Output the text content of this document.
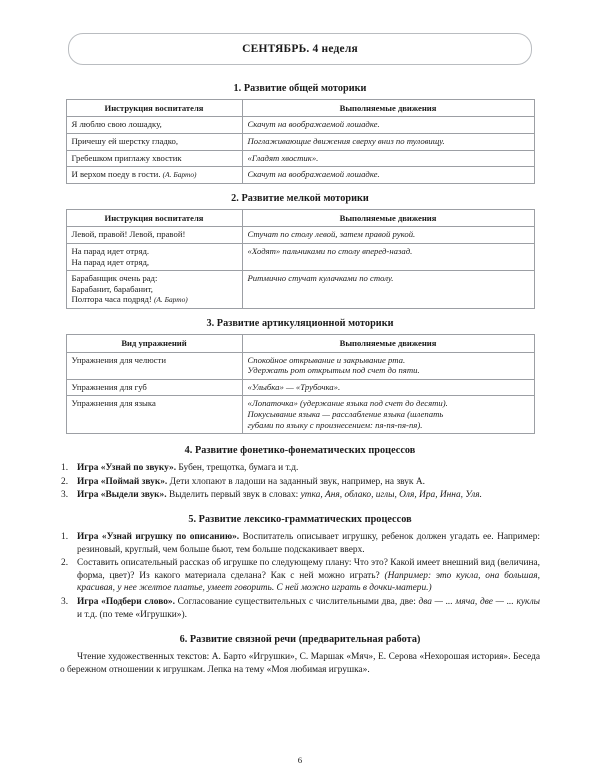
СЕНТЯБРЬ. 4 неделя
1. Развитие общей моторики
Инструкция воспитателя	Выполняемые движения
Я люблю свою лошадку,	Скачут на воображаемой лошадке.
Причешу ей шерстку гладко,	Поглаживающие движения сверху вниз по туловищу.
Гребешком приглажу хвостик	«Гладят хвостик».
И верхом поеду в гости. (А. Барто)	Скачут на воображаемой лошадке.
2. Развитие мелкой моторики
Инструкция воспитателя	Выполняемые движения

Левой, правой! Левой, правой!	Стучат по столу левой, затем правой рукой.

На парад идет отряд.
На парад идет отряд,	«Ходят» пальчиками по столу вперед-назад.

Барабанщик очень рад:
Барабанит, барабанит,
Полтора часа подряд! (А. Барто)	Ритмично стучат кулачками по столу.
3. Развитие артикуляционной моторики
Вид упражнений	Выполняемые движения
Упражнения для челюсти	Спокойное открывание и закрывание рта.
Удержать рот открытым под счет до пяти.

Упражнения для губ	«Улыбка» — «Трубочка».

Упражнения для языка	«Лопаточка» (удержание языка под счет до десяти).
Покусывание языка — расслабление языка (шлепать
губами по языку с произнесением: пя-пя-пя-пя).
4. Развитие фонетико-фонематических процессов
1. Игра «Узнай по звуку». Бубен, трещотка, бумага и т.д.
2. Игра «Поймай звук». Дети хлопают в ладоши на заданный звук, например, на звук А.
3. Игра «Выдели звук». Выделить первый звук в словах: утка, Аня, облако, иглы, Оля, Ира, Инна, Уля.
5. Развитие лексико-грамматических процессов
1. Игра «Узнай игрушку по описанию». Воспитатель описывает игрушку, ребенок должен угадать ее. Например: резиновый, круглый, чем больше бьют, тем больше подскакивает вверх.
2. Составить описательный рассказ об игрушке по следующему плану: Что это? Какой имеет внешний вид (величина, форма, цвет)? Из какого материала сделана? Как с ней можно играть? (Например: это кукла, она большая, красивая, у нее желтое платье, умеет говорить. С ней можно играть в дочки-матери.)
3. Игра «Подбери слово». Согласование существительных с числительными два, две: два — ... мяча, две — ... куклы и т.д. (по теме «Игрушки»).
6. Развитие связной речи (предварительная работа)

Чтение художественных текстов: А. Барто «Игрушки», С. Маршак «Мяч», Е. Серова «Нехорошая история». Беседа о бережном отношении к игрушкам. Лепка на тему «Моя любимая игрушка».

6
